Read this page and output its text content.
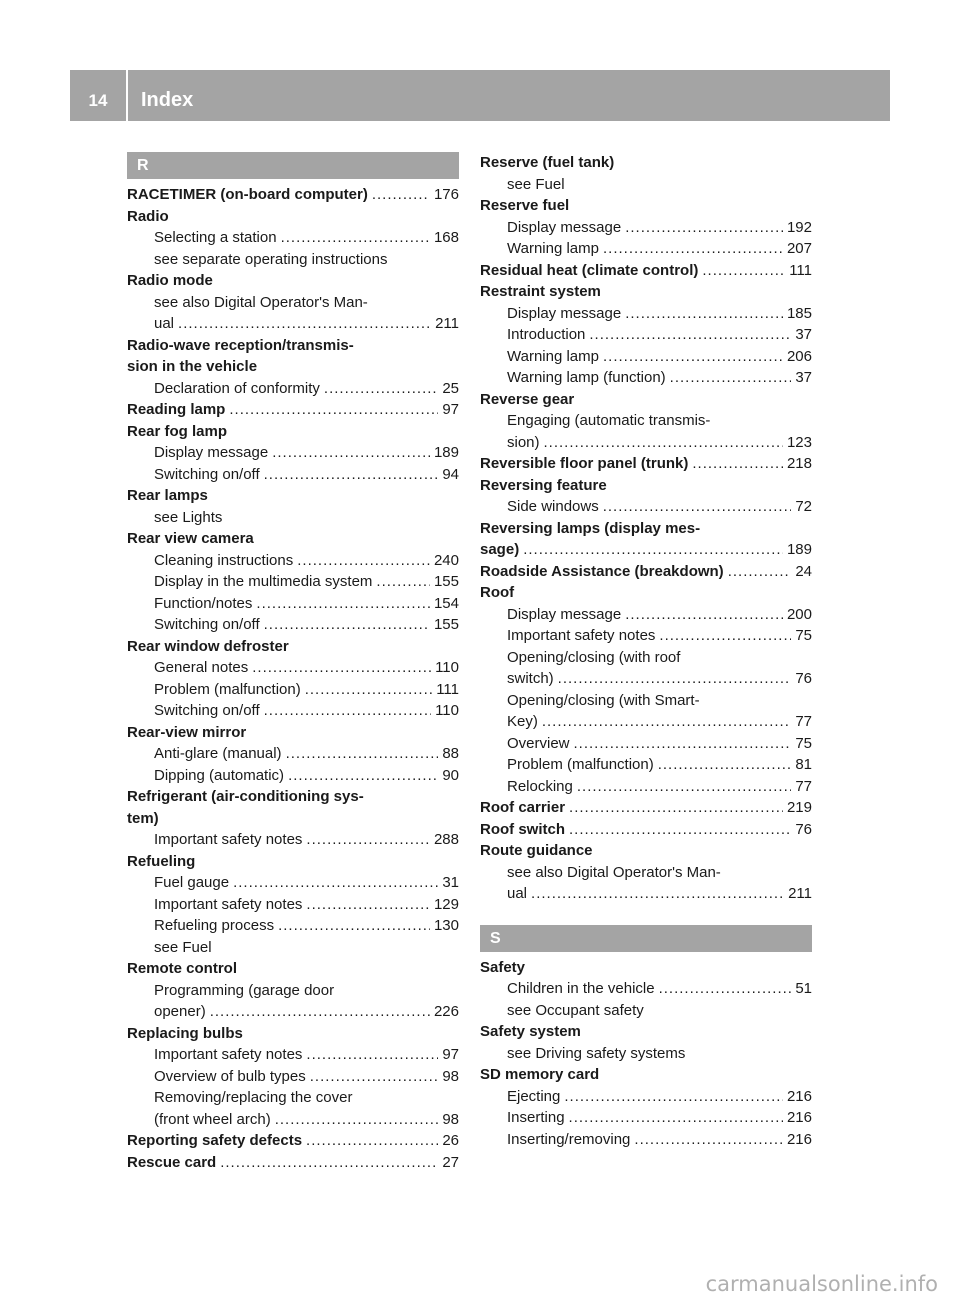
14	Index
R
RACETIMER (on-board computer) .....	176
Radio
Selecting a station .....	168
see separate operating instructions
Radio mode
see also Digital Operator's Man-
ual .....	211
Radio-wave reception/transmis-
sion in the vehicle
Declaration of conformity .....	25
Reading lamp .....	97
Rear fog lamp
Display message .....	189
Switching on/off .....	94
Rear lamps
see Lights
Rear view camera
Cleaning instructions .....	240
Display in the multimedia system .....	155
Function/notes .....	154
Switching on/off .....	155
Rear window defroster
General notes .....	110
Problem (malfunction) .....	111
Switching on/off .....	110
Rear-view mirror
Anti-glare (manual) .....	88
Dipping (automatic) .....	90
Refrigerant (air-conditioning sys-
tem)
Important safety notes .....	288
Refueling
Fuel gauge .....	31
Important safety notes .....	129
Refueling process .....	130
see Fuel
Remote control
Programming (garage door
opener) .....	226
Replacing bulbs
Important safety notes .....	97
Overview of bulb types .....	98
Removing/replacing the cover
(front wheel arch) .....	98
Reporting safety defects .....	26
Rescue card .....	27
Reserve (fuel tank)
see Fuel
Reserve fuel
Display message .....	192
Warning lamp .....	207
Residual heat (climate control) .....	111
Restraint system
Display message .....	185
Introduction .....	37
Warning lamp .....	206
Warning lamp (function) .....	37
Reverse gear
Engaging (automatic transmis-
sion) .....	123
Reversible floor panel (trunk) .....	218
Reversing feature
Side windows .....	72
Reversing lamps (display mes-
sage) .....	189
Roadside Assistance (breakdown) .....	24
Roof
Display message .....	200
Important safety notes .....	75
Opening/closing (with roof
switch) .....	76
Opening/closing (with Smart-
Key) .....	77
Overview .....	75
Problem (malfunction) .....	81
Relocking .....	77
Roof carrier .....	219
Roof switch .....	76
Route guidance
see also Digital Operator's Man-
ual .....	211
S
Safety
Children in the vehicle .....	51
see Occupant safety
Safety system
see Driving safety systems
SD memory card
Ejecting .....	216
Inserting .....	216
Inserting/removing .....	216
carmanualsonline.info
